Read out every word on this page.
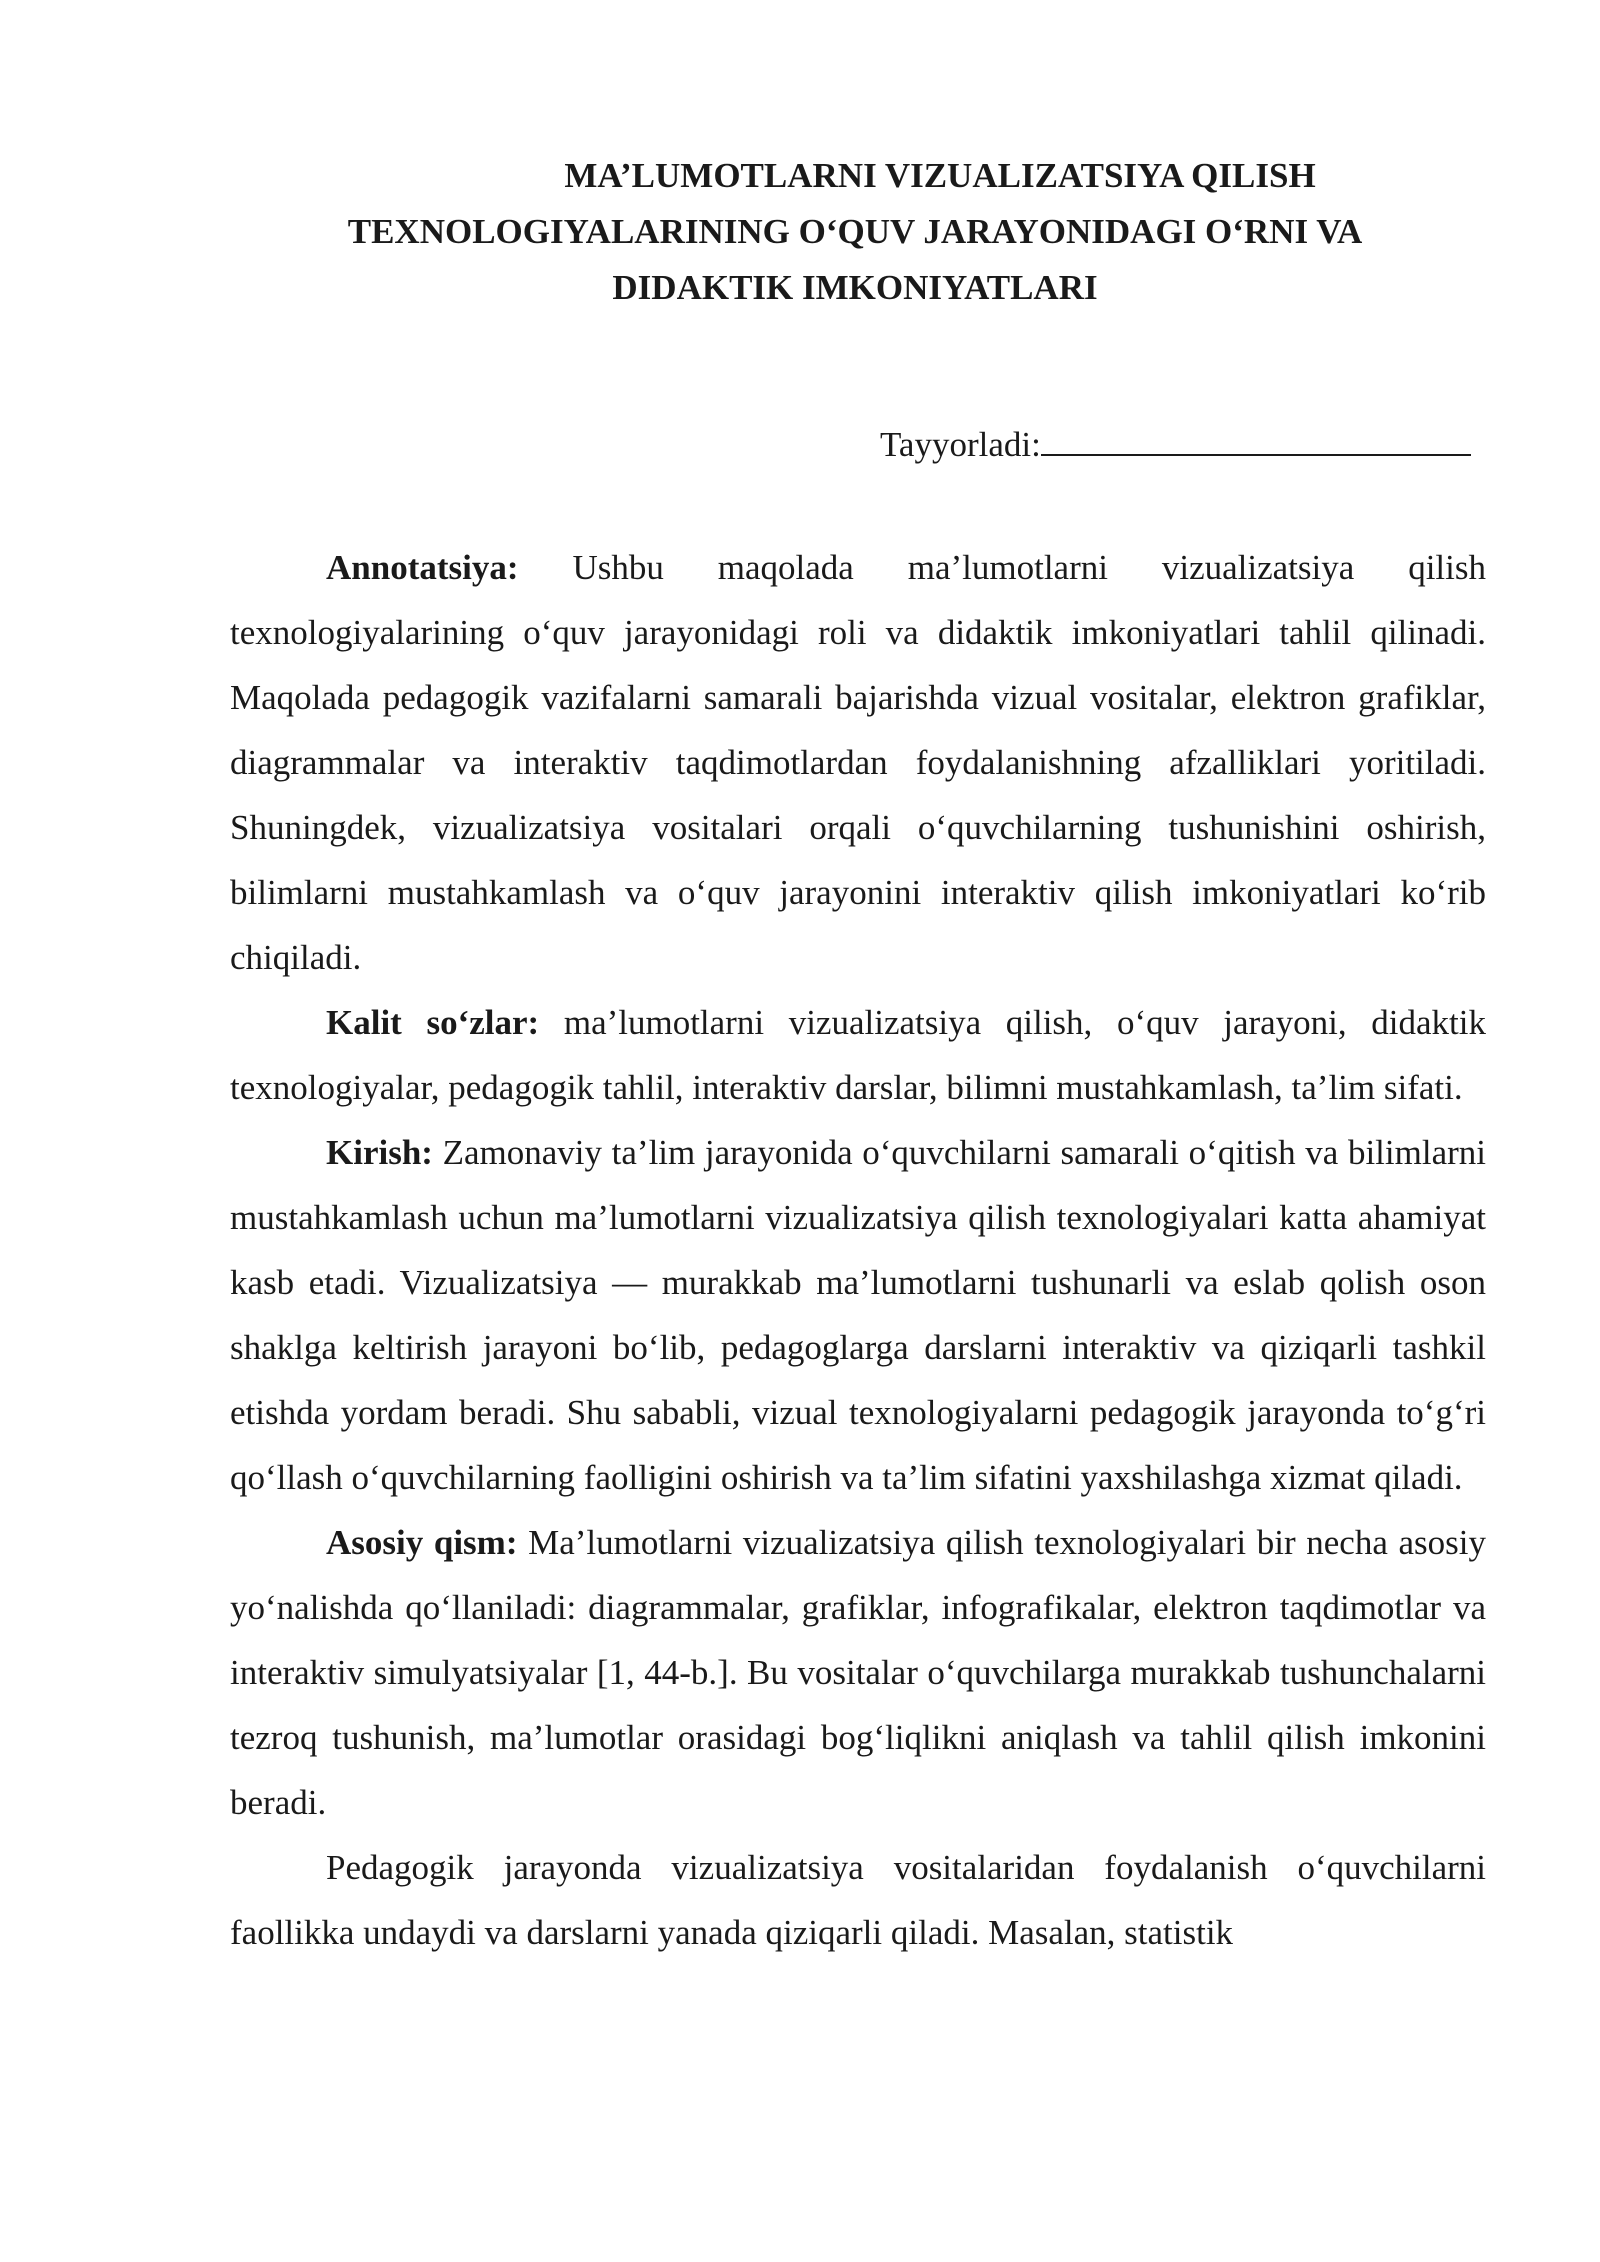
MA’LUMOTLARNI VIZUALIZATSIYA QILISH
TEXNOLOGIYALARINING O‘QUV JARAYONIDAGI O‘RNI VA
DIDAKTIK IMKONIYATLARI
Tayyorladi:

Annotatsiya: Ushbu maqolada ma’lumotlarni vizualizatsiya qilish texnologiyalarining o‘quv jarayonidagi roli va didaktik imkoniyatlari tahlil qilinadi. Maqolada pedagogik vazifalarni samarali bajarishda vizual vositalar, elektron grafiklar, diagrammalar va interaktiv taqdimotlardan foydalanishning afzalliklari yoritiladi. Shuningdek, vizualizatsiya vositalari orqali o‘quvchilarning tushunishini oshirish, bilimlarni mustahkamlash va o‘quv jarayonini interaktiv qilish imkoniyatlari ko‘rib chiqiladi.

Kalit so‘zlar: ma’lumotlarni vizualizatsiya qilish, o‘quv jarayoni, didaktik texnologiyalar, pedagogik tahlil, interaktiv darslar, bilimni mustahkamlash, ta’lim sifati.

Kirish: Zamonaviy ta’lim jarayonida o‘quvchilarni samarali o‘qitish va bilimlarni mustahkamlash uchun ma’lumotlarni vizualizatsiya qilish texnologiyalari katta ahamiyat kasb etadi. Vizualizatsiya — murakkab ma’lumotlarni tushunarli va eslab qolish oson shaklga keltirish jarayoni bo‘lib, pedagoglarga darslarni interaktiv va qiziqarli tashkil etishda yordam beradi. Shu sababli, vizual texnologiyalarni pedagogik jarayonda to‘g‘ri qo‘llash o‘quvchilarning faolligini oshirish va ta’lim sifatini yaxshilashga xizmat qiladi.

Asosiy qism: Ma’lumotlarni vizualizatsiya qilish texnologiyalari bir necha asosiy yo‘nalishda qo‘llaniladi: diagrammalar, grafiklar, infografikalar, elektron taqdimotlar va interaktiv simulyatsiyalar [1, 44-b.]. Bu vositalar o‘quvchilarga murakkab tushunchalarni tezroq tushunish, ma’lumotlar orasidagi bog‘liqlikni aniqlash va tahlil qilish imkonini beradi.

Pedagogik jarayonda vizualizatsiya vositalaridan foydalanish o‘quvchilarni faollikka undaydi va darslarni yanada qiziqarli qiladi. Masalan, statistik
